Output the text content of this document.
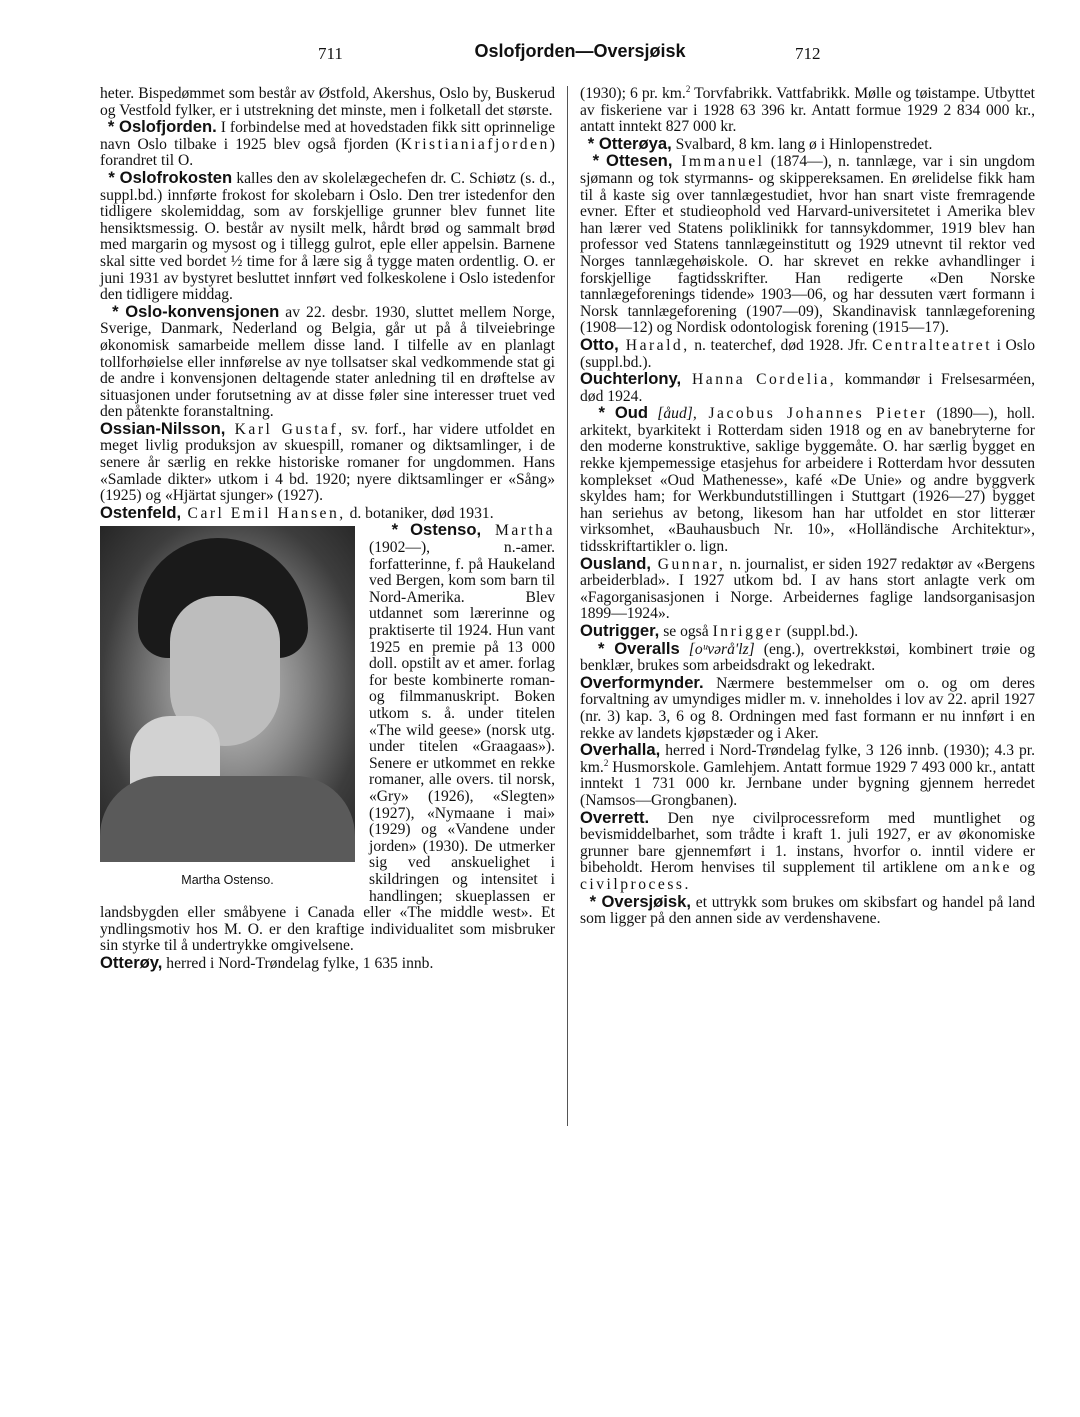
711	Oslofjorden—Oversjøisk	712

heter. Bispedømmet som består av Østfold, Akershus, Oslo by, Buskerud og Vestfold fylker, er i utstrekning det minste, men i folketall det største.

* Oslofjorden. I forbindelse med at hovedstaden fikk sitt oprinnelige navn Oslo tilbake i 1925 blev også fjorden (Kristianiafjorden) forandret til O.

* Oslofrokosten kalles den av skolelægechefen dr. C. Schiøtz (s. d., suppl.bd.) innførte frokost for skolebarn i Oslo. Den trer istedenfor den tidligere skolemiddag, som av forskjellige grunner blev funnet lite hensiktsmessig. O. består av nysilt melk, hårdt brød og sammalt brød med margarin og mysost og i tillegg gulrot, eple eller appelsin. Barnene skal sitte ved bordet ½ time for å lære sig å tygge maten ordentlig. O. er juni 1931 av bystyret besluttet innført ved folkeskolene i Oslo istedenfor den tidligere middag.

* Oslo-konvensjonen av 22. desbr. 1930, sluttet mellem Norge, Sverige, Danmark, Nederland og Belgia, går ut på å tilveiebringe økonomisk samarbeide mellem disse land. I tilfelle av en planlagt tollforhøielse eller innførelse av nye tollsatser skal vedkommende stat gi de andre i konvensjonen deltagende stater anledning til en drøftelse av situasjonen under forutsetning av at disse føler sine interesser truet ved den påtenkte foranstaltning.

Ossian-Nilsson, Karl Gustaf, sv. forf., har videre utfoldet en meget livlig produksjon av skuespill, romaner og diktsamlinger, i de senere år særlig en rekke historiske romaner for ungdommen. Hans «Samlade dikter» utkom i 4 bd. 1920; nyere diktsamlinger er «Sång» (1925) og «Hjärtat sjunger» (1927).

Ostenfeld, Carl Emil Hansen, d. botaniker, død 1931.

* Ostenso, Martha
Martha Ostenso.
(1902—), n.-amer. forfatterinne, f. på Haukeland ved Bergen, kom som barn til Nord-Amerika. Blev utdannet som lærerinne og praktiserte til 1924. Hun vant 1925 en premie på 13 000 doll. opstilt av et amer. forlag for beste kombinerte roman- og filmmanuskript. Boken utkom s. å. under titelen «The wild geese» (norsk utg. under titelen «Graagaas»). Senere er utkommet en rekke romaner, alle overs. til norsk, «Gry» (1926), «Slegten» (1927), «Nymaane i mai» (1929) og «Vandene under jorden» (1930). De utmerker sig ved anskuelighet i skildringen og intensitet i handlingen; skueplassen er landsbygden eller småbyene i Canada eller «The middle west». Et yndlingsmotiv hos M. O. er den kraftige individualitet som misbruker sin styrke til å undertrykke omgivelsene.

Otterøy, herred i Nord-Trøndelag fylke, 1 635 innb.

(1930); 6 pr. km.$^2$ Torvfabrikk. Vattfabrikk. Mølle og tøistampe. Utbyttet av fiskeriene var i 1928 63 396 kr. Antatt formue 1929 2 834 000 kr., antatt inntekt 827 000 kr.

* Otterøya, Svalbard, 8 km. lang ø i Hinlopenstredet.

* Ottesen, Immanuel (1874—), n. tannlæge, var i sin ungdom sjømann og tok styrmanns- og skippereksamen. En ørelidelse fikk ham til å kaste sig over tannlægestudiet, hvor han snart viste fremragende evner. Efter et studieophold ved Harvard-universitetet i Amerika blev han lærer ved Statens poliklinikk for tannsykdommer, 1919 blev han professor ved Statens tannlægeinstitutt og 1929 utnevnt til rektor ved Norges tannlægehøiskole. O. har skrevet en rekke avhandlinger i forskjellige fagtidsskrifter. Han redigerte «Den Norske tannlægeforenings tidende» 1903—06, og har dessuten vært formann i Norsk tannlægeforening (1907—09), Skandinavisk tannlægeforening (1908—12) og Nordisk odontologisk forening (1915—17).

Otto, Harald, n. teaterchef, død 1928. Jfr. Centralteatret i Oslo (suppl.bd.).

Ouchterlony, Hanna Cordelia, kommandør i Frelsesarméen, død 1924.

* Oud [åud], Jacobus Johannes Pieter (1890—), holl. arkitekt, byarkitekt i Rotterdam siden 1918 og en av banebryterne for den moderne konstruktive, saklige byggemåte. O. har særlig bygget en rekke kjempemessige etasjehus for arbeidere i Rotterdam hvor dessuten komplekset «Oud Mathenesse», kafé «De Unie» og andre byggverk skyldes ham; for Werkbundutstillingen i Stuttgart (1926—27) bygget han seriehus av betong, likesom han har utfoldet en stor litterær virksomhet, «Bauhausbuch Nr. 10», «Holländische Architektur», tidsskriftartikler o. lign.

Ousland, Gunnar, n. journalist, er siden 1927 redaktør av «Bergens arbeiderblad». I 1927 utkom bd. I av hans stort anlagte verk om «Fagorganisasjonen i Norge. Arbeidernes faglige landsorganisasjon 1899—1924».

Outrigger, se også Inrigger (suppl.bd.).

* Overalls [oᵘvərå'lz] (eng.), overtrekkstøi, kombinert trøie og benklær, brukes som arbeidsdrakt og lekedrakt.

Overformynder. Nærmere bestemmelser om o. og om deres forvaltning av umyndiges midler m. v. inneholdes i lov av 22. april 1927 (nr. 3) kap. 3, 6 og 8. Ordningen med fast formann er nu innført i en rekke av landets kjøpstæder og i Aker.

Overhalla, herred i Nord-Trøndelag fylke, 3 126 innb. (1930); 4.3 pr. km.$^2$ Husmorskole. Gamlehjem. Antatt formue 1929 7 493 000 kr., antatt inntekt 1 731 000 kr. Jernbane under bygning gjennem herredet (Namsos—Grongbanen).

Overrett. Den nye civilprocessreform med muntlighet og bevismiddelbarhet, som trådte i kraft 1. juli 1927, er av økonomiske grunner bare gjennemført i 1. instans, hvorfor o. inntil videre er bibeholdt. Herom henvises til supplement til artiklene om anke og civilprocess.

* Oversjøisk, et uttrykk som brukes om skibsfart og handel på land som ligger på den annen side av verdenshavene.
